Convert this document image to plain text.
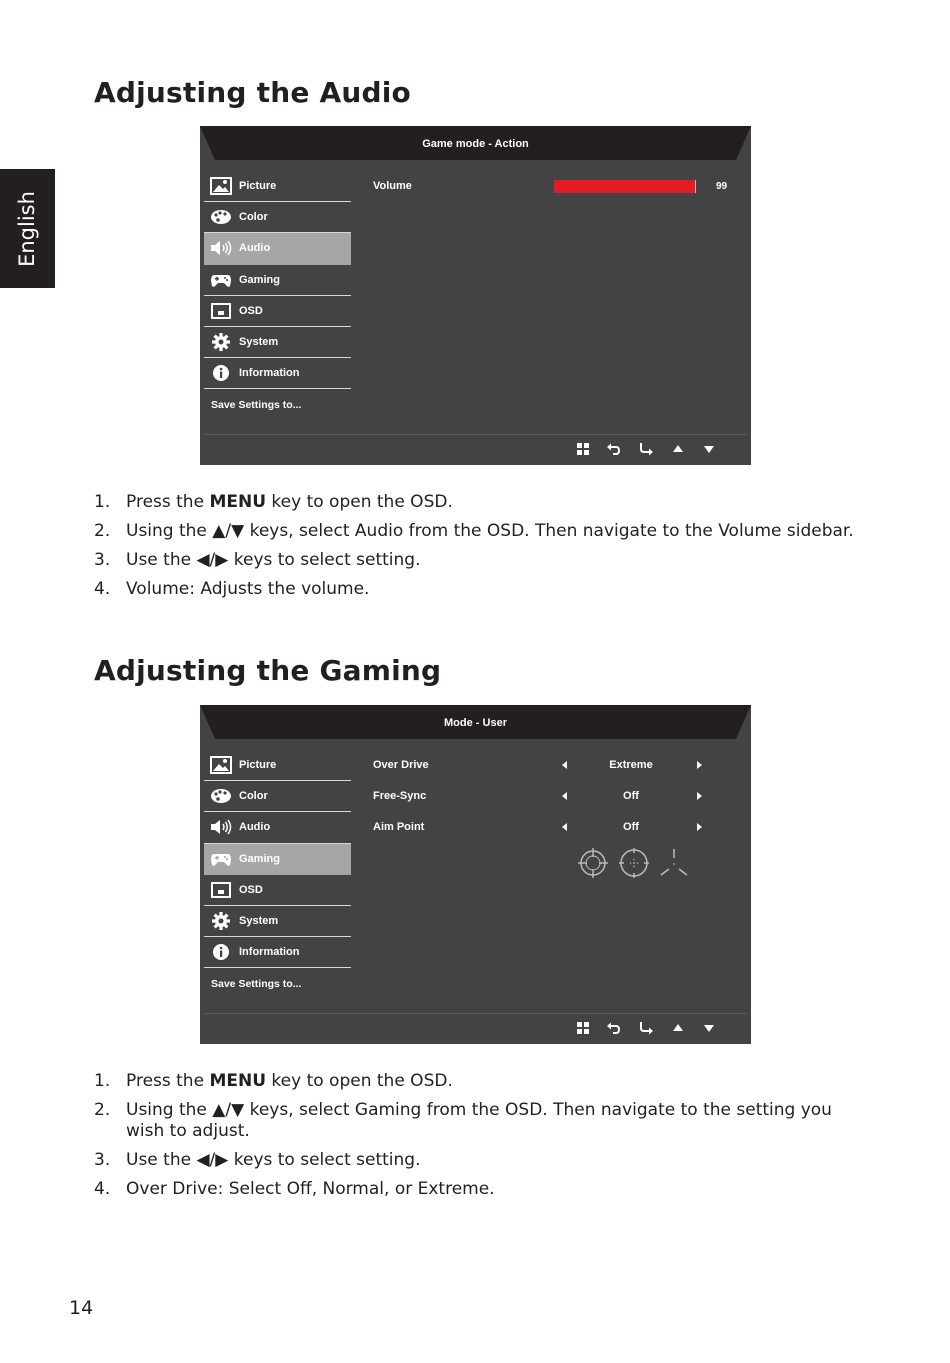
English
Adjusting the Audio
Game mode - Action
Picture
Color
Audio
Gaming
OSD
System
Information
Save Settings to...
Volume	99
1. Press the MENU key to open the OSD.
2. Using the ▲/▼ keys, select Audio from the OSD. Then navigate to the Volume sidebar.
3. Use the ◀/▶ keys to select setting.
4. Volume: Adjusts the volume.
Adjusting the Gaming
Mode - User
Picture
Color
Audio
Gaming
OSD
System
Information
Save Settings to...
Over Drive	Extreme
Free-Sync	Off
Aim Point	Off
1. Press the MENU key to open the OSD.
2. Using the ▲/▼ keys, select Gaming from the OSD. Then navigate to the setting you wish to adjust.
3. Use the ◀/▶ keys to select setting.
4. Over Drive: Select Off, Normal, or Extreme.
14
